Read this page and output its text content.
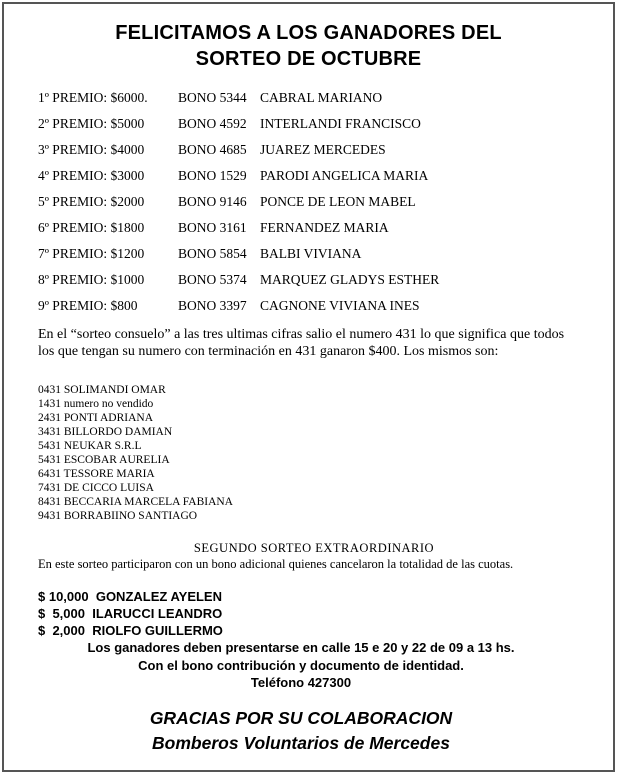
FELICITAMOS A LOS GANADORES DEL
SORTEO DE OCTUBRE
1º PREMIO: $6000. BONO 5344 CABRAL MARIANO
2º PREMIO: $5000	BONO 4592 INTERLANDI FRANCISCO
3º PREMIO: $4000	BONO 4685 JUAREZ MERCEDES
4º PREMIO: $3000	BONO 1529 PARODI ANGELICA MARIA
5º PREMIO: $2000	BONO 9146 PONCE DE LEON MABEL
6º PREMIO: $1800	BONO 3161 FERNANDEZ MARIA
7º PREMIO: $1200	BONO 5854 BALBI VIVIANA
8º PREMIO: $1000	BONO 5374 MARQUEZ GLADYS ESTHER
9º PREMIO: $800	BONO 3397 CAGNONE VIVIANA INES
En el “sorteo consuelo” a las tres ultimas cifras salio el numero 431 lo que significa que todos los que tengan su numero con terminación en 431 ganaron $400. Los mismos son:
0431 SOLIMANDI OMAR
1431 numero no vendido
2431 PONTI ADRIANA
3431 BILLORDO DAMIAN
5431 NEUKAR S.R.L
5431 ESCOBAR AURELIA
6431 TESSORE MARIA
7431 DE CICCO LUISA
8431 BECCARIA MARCELA FABIANA
9431 BORRABIINO SANTIAGO
SEGUNDO SORTEO EXTRAORDINARIO
En este sorteo participaron con un bono adicional quienes cancelaron la totalidad de las cuotas.
$ 10,000  GONZALEZ AYELEN
$  5,000  ILARUCCI LEANDRO
$  2,000  RIOLFO GUILLERMO
Los ganadores deben presentarse en calle 15 e 20 y 22 de 09 a 13 hs.
Con el bono contribución y documento de identidad.
Teléfono 427300
GRACIAS POR SU COLABORACION
Bomberos Voluntarios de Mercedes
